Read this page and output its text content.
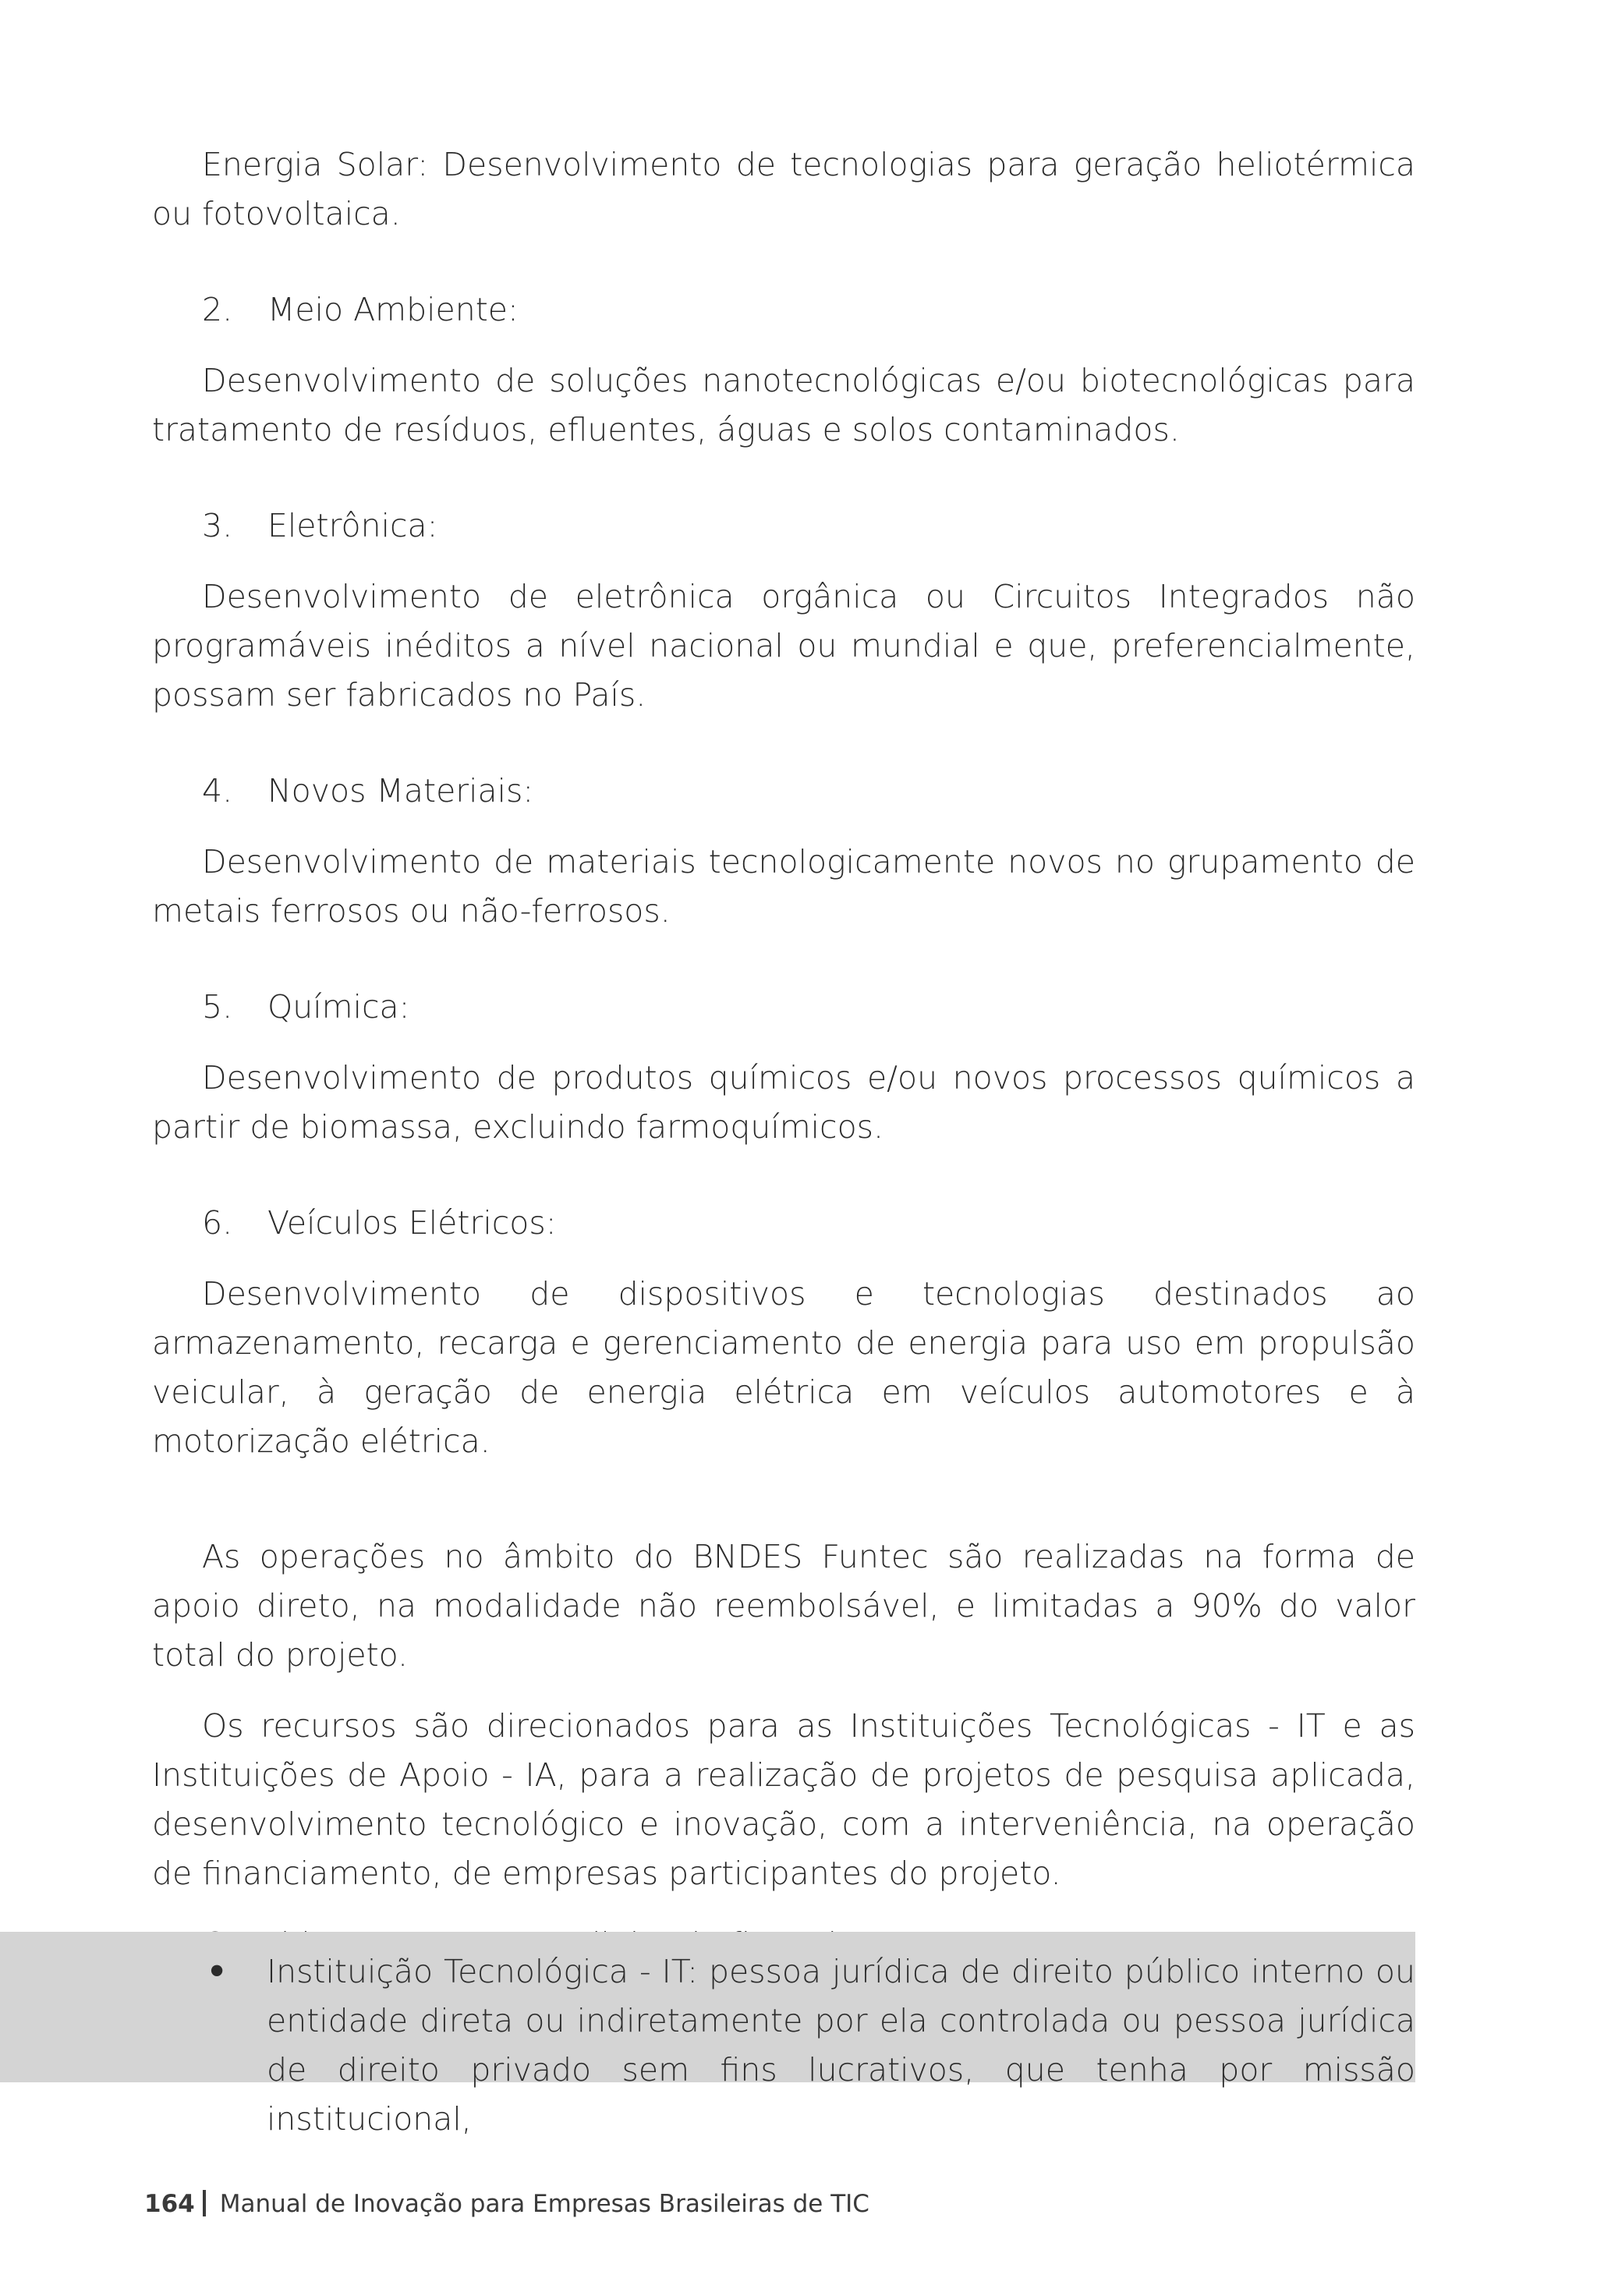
Energia Solar: Desenvolvimento de tecnologias para geração heliotérmica ou fotovoltaica.

2. Meio Ambiente:

Desenvolvimento de soluções nanotecnológicas e/ou biotecnológicas para tratamento de resíduos, efluentes, águas e solos contaminados.

3. Eletrônica:

Desenvolvimento de eletrônica orgânica ou Circuitos Integrados não programáveis inéditos a nível nacional ou mundial e que, preferencialmente, possam ser fabricados no País.

4. Novos Materiais:

Desenvolvimento de materiais tecnologicamente novos no grupamento de metais ferrosos ou não-ferrosos.

5. Química:

Desenvolvimento de produtos químicos e/ou novos processos químicos a partir de biomassa, excluindo farmoquímicos.

6. Veículos Elétricos:

Desenvolvimento de dispositivos e tecnologias destinados ao armazenamento, recarga e gerenciamento de energia para uso em propulsão veicular, à geração de energia elétrica em veículos automotores e à motorização elétrica.

As operações no âmbito do BNDES Funtec são realizadas na forma de apoio direto, na modalidade não reembolsável, e limitadas a 90% do valor total do projeto.

Os recursos são direcionados para as Instituições Tecnológicas - IT e as Instituições de Apoio - IA, para a realização de projetos de pesquisa aplicada, desenvolvimento tecnológico e inovação, com a interveniência, na operação de financiamento, de empresas participantes do projeto.

• Instituição Tecnológica - IT: pessoa jurídica de direito público interno ou entidade direta ou indiretamente por ela controlada ou pessoa jurídica de direito privado sem fins lucrativos, que tenha por missão institucional,
164 Manual de Inovação para Empresas Brasileiras de TIC
